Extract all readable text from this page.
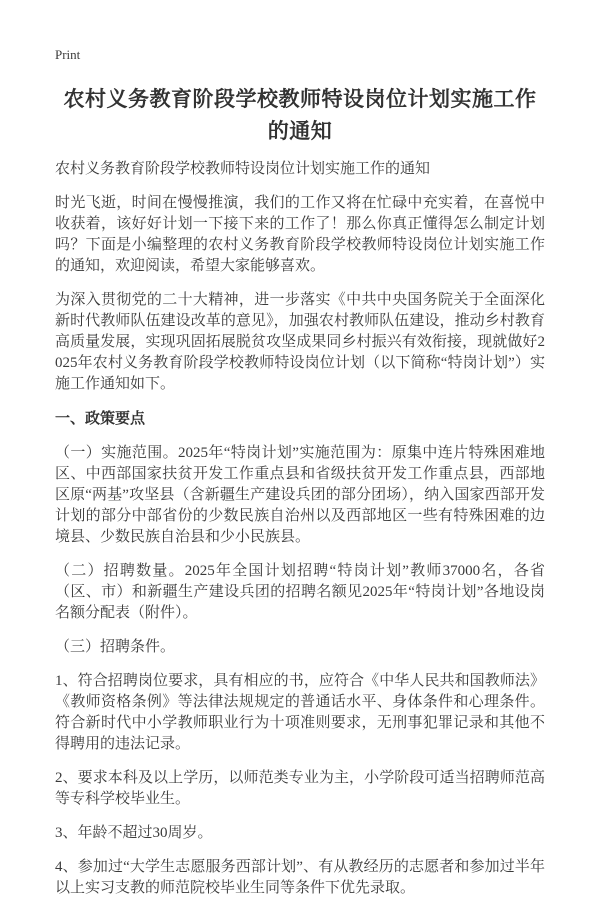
Print
农村义务教育阶段学校教师特设岗位计划实施工作的通知

农村义务教育阶段学校教师特设岗位计划实施工作的通知

时光飞逝，时间在慢慢推演，我们的工作又将在忙碌中充实着，在喜悦中收获着，该好好计划一下接下来的工作了！那么你真正懂得怎么制定计划吗？下面是小编整理的农村义务教育阶段学校教师特设岗位计划实施工作的通知，欢迎阅读，希望大家能够喜欢。

为深入贯彻党的二十大精神，进一步落实《中共中央国务院关于全面深化新时代教师队伍建设改革的意见》，加强农村教师队伍建设，推动乡村教育高质量发展，实现巩固拓展脱贫攻坚成果同乡村振兴有效衔接，现就做好2025年农村义务教育阶段学校教师特设岗位计划（以下简称“特岗计划”）实施工作通知如下。

一、政策要点

（一）实施范围。2025年“特岗计划”实施范围为：原集中连片特殊困难地区、中西部国家扶贫开发工作重点县和省级扶贫开发工作重点县，西部地区原“两基”攻坚县（含新疆生产建设兵团的部分团场），纳入国家西部开发计划的部分中部省份的少数民族自治州以及西部地区一些有特殊困难的边境县、少数民族自治县和少小民族县。

（二）招聘数量。2025年全国计划招聘“特岗计划”教师37000名，各省（区、市）和新疆生产建设兵团的招聘名额见2025年“特岗计划”各地设岗名额分配表（附件）。

（三）招聘条件。

1、符合招聘岗位要求，具有相应的书，应符合《中华人民共和国教师法》《教师资格条例》等法律法规规定的普通话水平、身体条件和心理条件。符合新时代中小学教师职业行为十项准则要求，无刑事犯罪记录和其他不得聘用的违法记录。

2、要求本科及以上学历，以师范类专业为主，小学阶段可适当招聘师范高等专科学校毕业生。

3、年龄不超过30周岁。

4、参加过“大学生志愿服务西部计划”、有从教经历的志愿者和参加过半年以上实习支教的师范院校毕业生同等条件下优先录取。
